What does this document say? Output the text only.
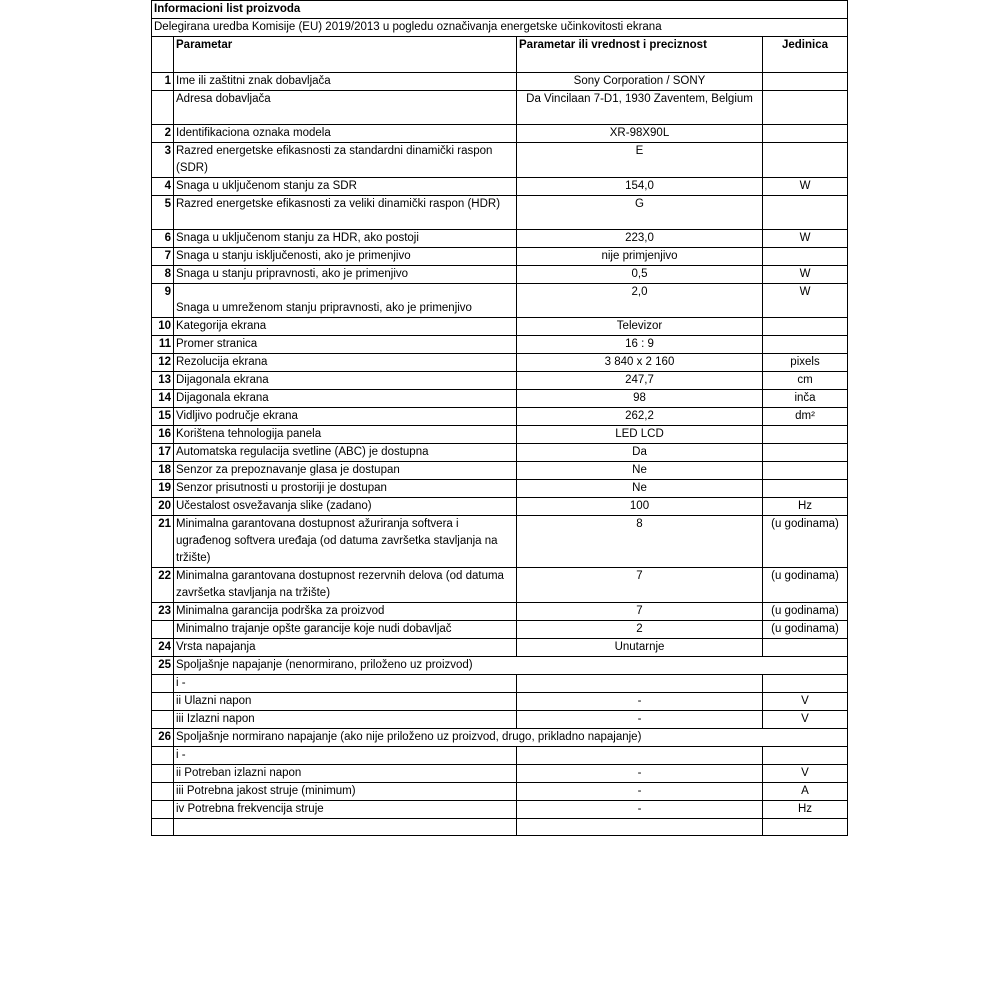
Informacioni list proizvoda			
Delegirana uredba Komisije (EU) 2019/2013 u pogledu označivanja energetske učinkovitosti ekrana			
	Parametar	Parametar ili vrednost i preciznost	Jedinica
1	Ime ili zaštitni znak dobavljača	Sony Corporation / SONY	
	Adresa dobavljača	Da Vincilaan 7-D1, 1930 Zaventem, Belgium	
2	Identifikaciona oznaka modela	XR-98X90L	
3	Razred energetske efikasnosti za standardni dinamički raspon (SDR)	E	
4	Snaga u uključenom stanju za SDR	154,0	W
5	Razred energetske efikasnosti za veliki dinamički raspon (HDR)	G	
6	Snaga u uključenom stanju za HDR, ako postoji	223,0	W
7	Snaga u stanju isključenosti, ako je primenjivo	nije primjenjivo	
8	Snaga u stanju pripravnosti, ako je primenjivo	0,5	W
9	Snaga u umreženom stanju pripravnosti, ako je primenjivo	2,0	W
10	Kategorija ekrana	Televizor	
11	Promer stranica	16 : 9	
12	Rezolucija ekrana	3 840 x 2 160	pixels
13	Dijagonala ekrana	247,7	cm
14	Dijagonala ekrana	98	inča
15	Vidljivo područje ekrana	262,2	dm²
16	Korištena tehnologija panela	LED LCD	
17	Automatska regulacija svetline (ABC) je dostupna	Da	
18	Senzor za prepoznavanje glasa je dostupan	Ne	
19	Senzor prisutnosti u prostoriji je dostupan	Ne	
20	Učestalost osvežavanja slike (zadano)	100	Hz
21	Minimalna garantovana dostupnost ažuriranja softvera i ugrađenog softvera uređaja (od datuma završetka stavljanja na tržište)	8	(u godinama)
22	Minimalna garantovana dostupnost rezervnih delova (od datuma završetka stavljanja na tržište)	7	(u godinama)
23	Minimalna garancija podrška za proizvod	7	(u godinama)
	Minimalno trajanje opšte garancije koje nudi dobavljač	2	(u godinama)
24	Vrsta napajanja	Unutarnje	
25	Spoljašnje napajanje (nenormirano, priloženo uz proizvod)		
	i -		
	ii Ulazni napon	-	V
	iii Izlazni napon	-	V
26	Spoljašnje normirano napajanje (ako nije priloženo uz proizvod, drugo, prikladno napajanje)		
	i -		
	ii Potreban izlazni napon	-	V
	iii Potrebna jakost struje (minimum)	-	A
	iv Potrebna frekvencija struje	-	Hz
